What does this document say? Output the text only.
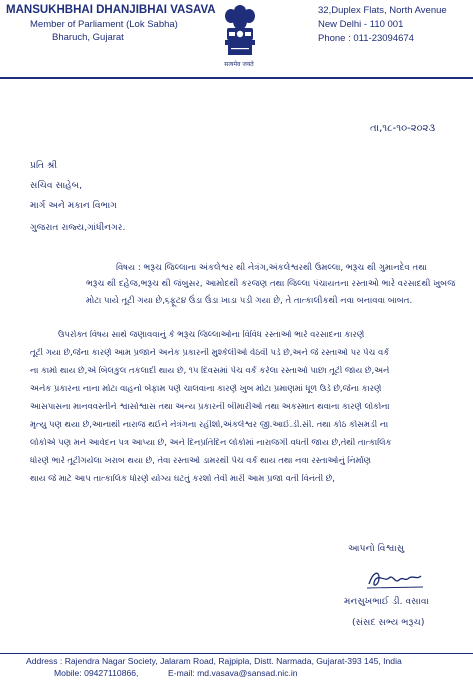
MANSUKHBHAI DHANJIBHAI VASAVA
Member of Parliament (Lok Sabha)
Bharuch, Gujarat
सत्यमेव जयते
32,Duplex Flats, North Avenue
New Delhi - 110 001
Phone : 011-23094674
તા,૧૮-૧૦-૨૦૨૩
પ્રતિ શ્રી
સચિવ સાહેબ,
માર્ગ અને મકાન વિભાગ
ગુજરાત રાજ્ય,ગાંધીનગર.
વિષય : ભરૂચ જિલ્લાના અંકલેશ્વર થી નેત્રંગ,અંકલેશ્વરથી ઉમલ્લા, ભરૂચ થી ગુમાનદેવ તથા
ભરૂચ થી દહેજ,ભરૂચ થી જંબુસર, આમોદથી કરજણ તથા જિલ્લા પંચાયતના રસ્તાઓ ભારે વરસાદથી ખુબજ
મોટા પાયે તૂટી ગયા છે,૬ફૂટ૪ ઉંડા ઉંડા ખાડા પડી ગયા છે, તે તાત્કાલીકથી નવા બનાવવા બાબત.
ઉપરોક્ત વિષય સાથે જણાવવાનું કે ભરૂચ જિલ્લાઓના વિવિધ રસ્તાઓ ભારે વરસાદના કારણે
તૂટી ગયા છે,જેના કારણે આમ પ્રજાને અનેક પ્રકારની મુશ્કેલીઓ વેઠવી પડે છે,અને જે રસ્તાઓ પર પેચ વર્ક
ના કામો થાય છે,એ બિલકુલ તકલાદી થાય છે, ૧૫ દિવસમાં પેચ વર્ક કરેલા રસ્તાઓ પાછા તૂટી જાય છે,અને
અનેક પ્રકારના નાના મોટા વાહનો બેફામ પણે ચાલવાના કારણે ખુબ મોટા પ્રમાણમાં ધૂળ ઉડે છે,જેના કારણે
આસપાસના માનવવસ્તીને શ્વાસોશ્વાસ તથા અન્ય પ્રકારની બીમારીઓ તથા અકસ્માત થવાના કારણે લોકોના
મૃત્યુ પણ થયા છે,આનાથી નારાજ થઈને નેત્રંગના રહીશો,અંકલેશ્વર જી.આઈ.ડી.સી. તથા કોઠ કોસમડી ના
લોકોએ પણ મને આવેદન પત્ર આપ્યા છે, અને દિનપ્રતિદિન લોકોમાં નારાજગી વધતી જાય છે,તેથી તાત્કાલિક
ધોરણે ભારે તૂટીગયેલા ખરાબ થયા છે, તેવા રસ્તાઓ ડામરથી પેચ વર્ક થાય તથા નવા રસ્તાઓનું નિર્માણ
થાય જે માટે આપ તાત્કાલિક ધોરણે યોગ્ય ઘટતું કરશો તેવી મારી આમ પ્રજા વતી વિનંતી છે,
આપનો વિશ્વાસુ
મનસુખભાઈ ડી. વસાવા
(સંસદ સભ્ય ભરૂચ)
Address : Rajendra Nagar Society, Jalaram Road, Rajpipla, Distt. Narmada, Gujarat-393 145, India
Mobile: 09427110866,	E-mail: md.vasava@sansad.nic.in
